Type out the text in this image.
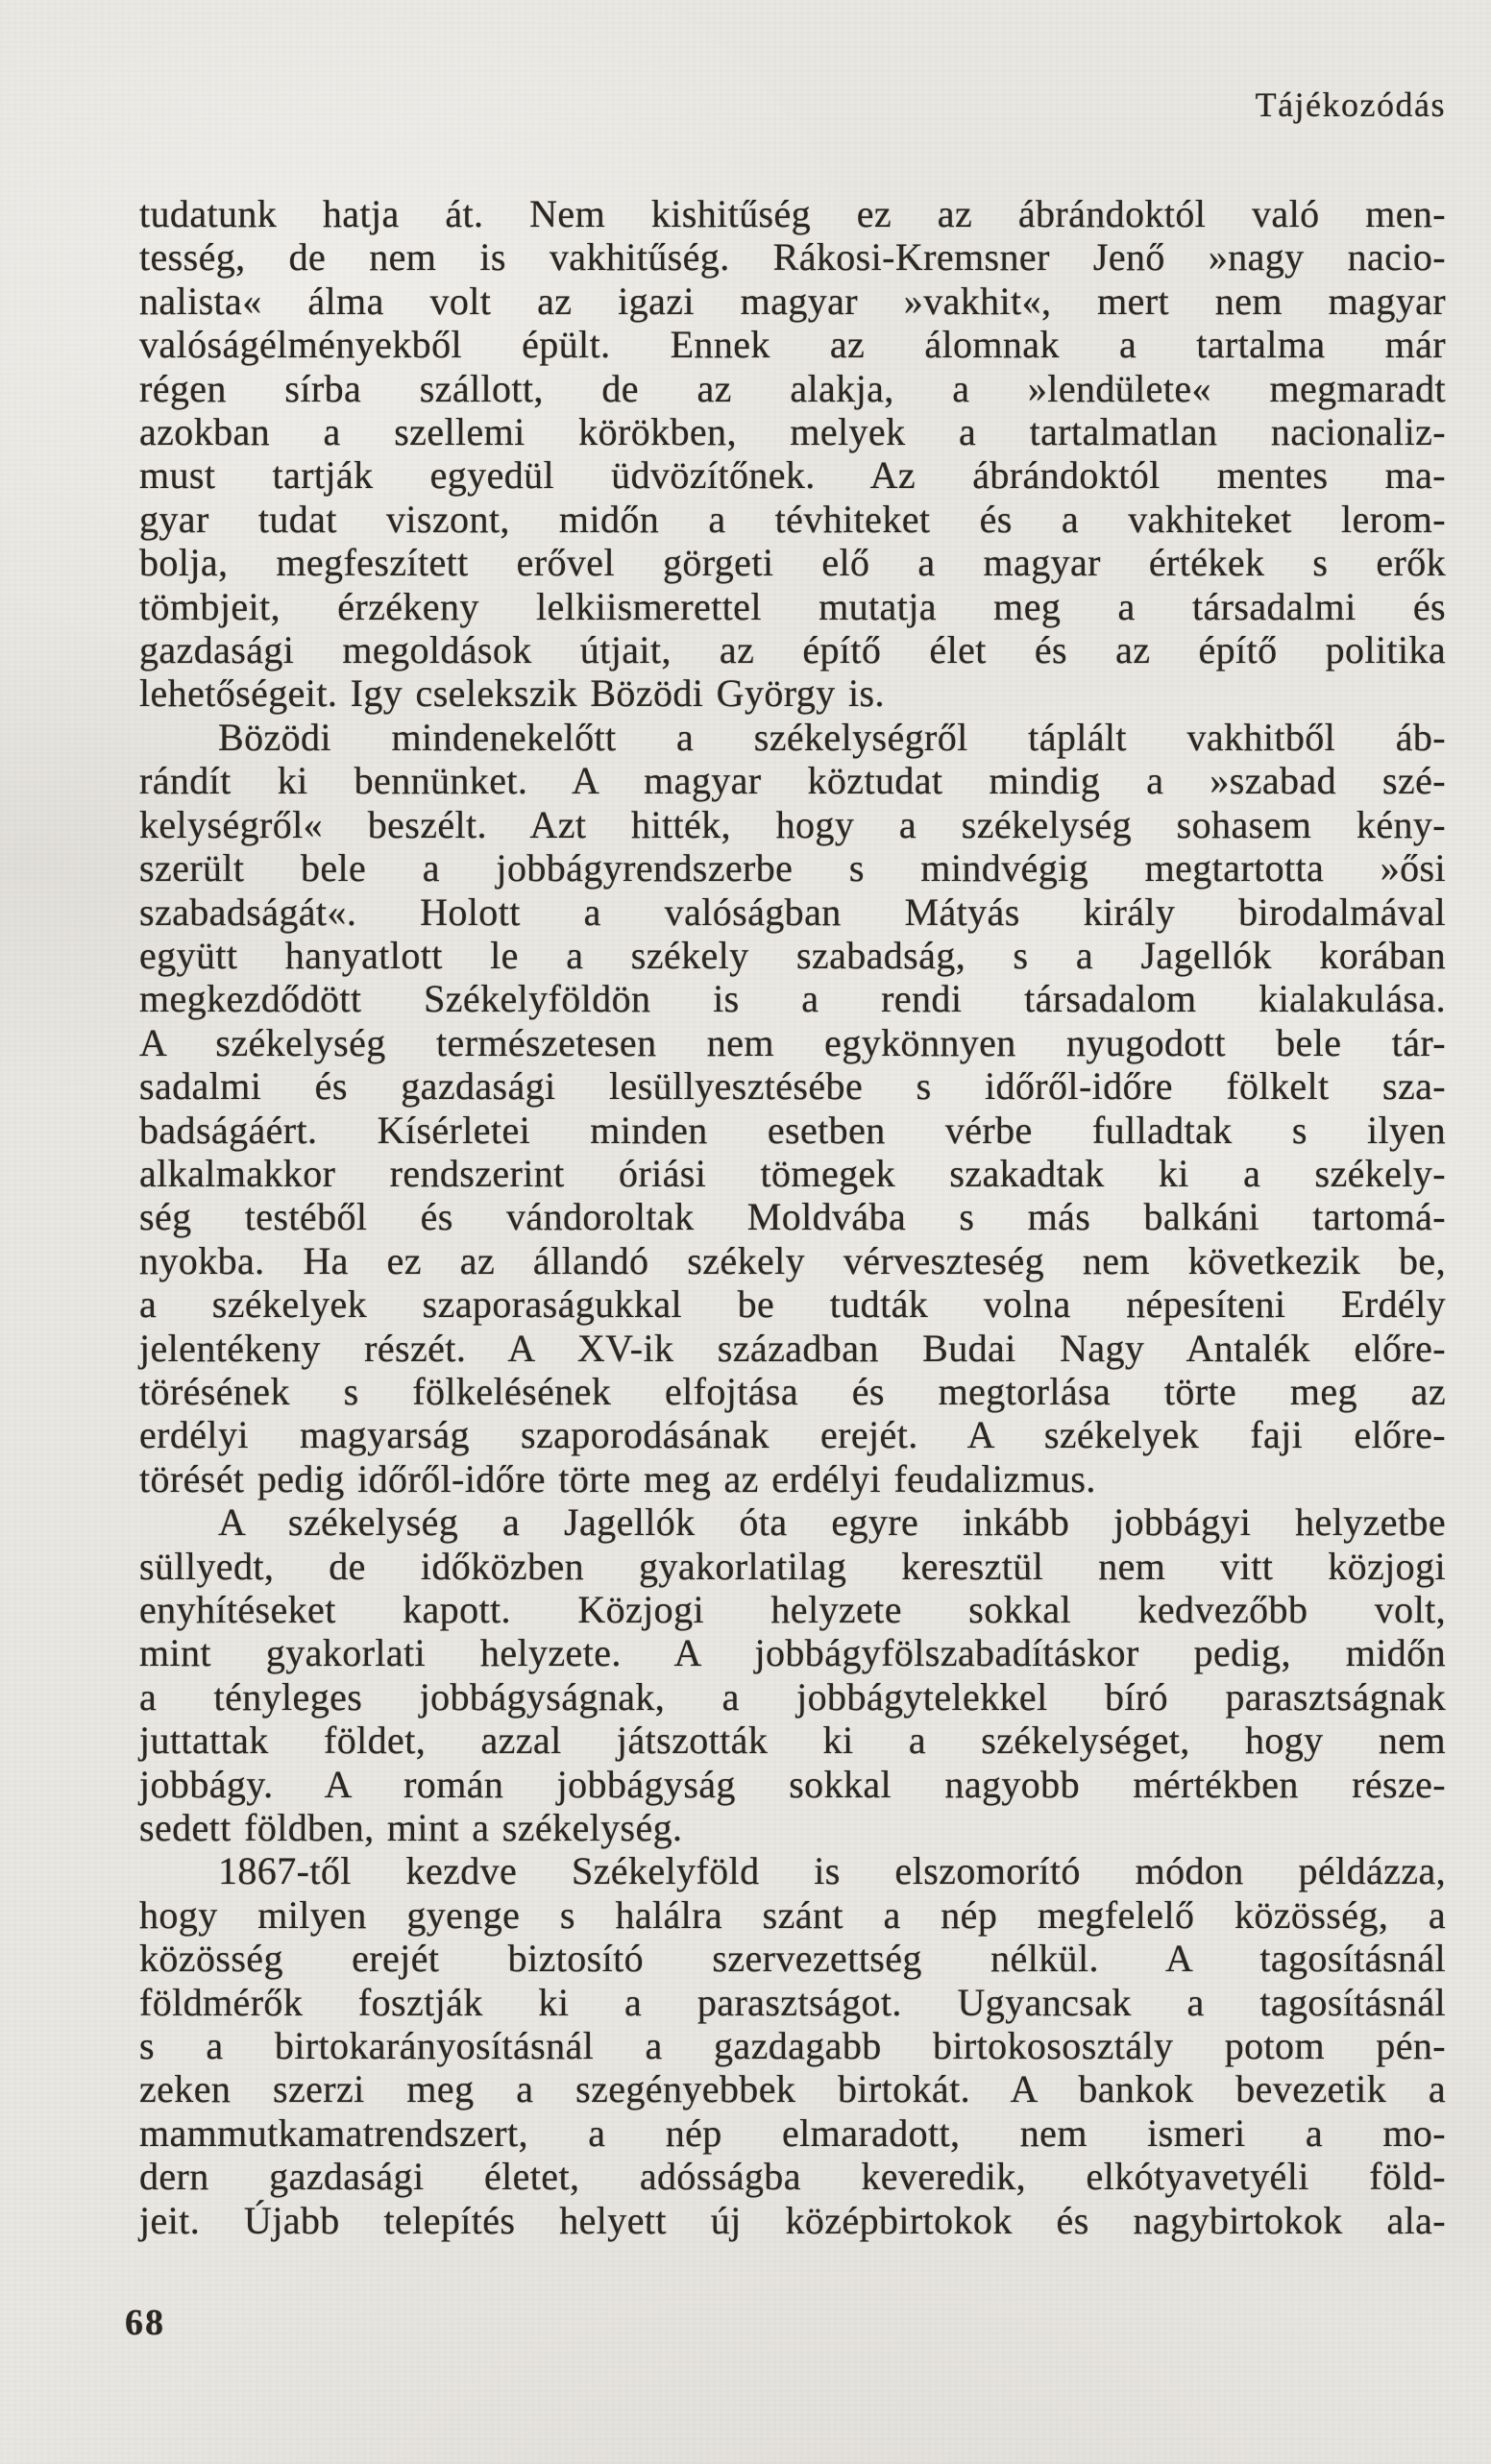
Tájékozódás
tudatunk hatja át. Nem kishitűség ez az ábrándoktól való men-
tesség, de nem is vakhitűség. Rákosi-Kremsner Jenő »nagy nacio-
nalista« álma volt az igazi magyar »vakhit«, mert nem magyar
valóságélményekből épült. Ennek az álomnak a tartalma már
régen sírba szállott, de az alakja, a »lendülete« megmaradt
azokban a szellemi körökben, melyek a tartalmatlan nacionaliz-
must tartják egyedül üdvözítőnek. Az ábrándoktól mentes ma-
gyar tudat viszont, midőn a tévhiteket és a vakhiteket lerom-
bolja, megfeszített erővel görgeti elő a magyar értékek s erők
tömbjeit, érzékeny lelkiismerettel mutatja meg a társadalmi és
gazdasági megoldások útjait, az építő élet és az építő politika
lehetőségeit. Igy cselekszik Bözödi György is.
Bözödi mindenekelőtt a székelységről táplált vakhitből áb-
rándít ki bennünket. A magyar köztudat mindig a »szabad szé-
kelységről« beszélt. Azt hitték, hogy a székelység sohasem kény-
szerült bele a jobbágyrendszerbe s mindvégig megtartotta »ősi
szabadságát«. Holott a valóságban Mátyás király birodalmával
együtt hanyatlott le a székely szabadság, s a Jagellók korában
megkezdődött Székelyföldön is a rendi társadalom kialakulása.
A székelység természetesen nem egykönnyen nyugodott bele tár-
sadalmi és gazdasági lesüllyesztésébe s időről-időre fölkelt sza-
badságáért. Kísérletei minden esetben vérbe fulladtak s ilyen
alkalmakkor rendszerint óriási tömegek szakadtak ki a székely-
ség testéből és vándoroltak Moldvába s más balkáni tartomá-
nyokba. Ha ez az állandó székely vérveszteség nem következik be,
a székelyek szaporaságukkal be tudták volna népesíteni Erdély
jelentékeny részét. A XV-ik században Budai Nagy Antalék előre-
törésének s fölkelésének elfojtása és megtorlása törte meg az
erdélyi magyarság szaporodásának erejét. A székelyek faji előre-
törését pedig időről-időre törte meg az erdélyi feudalizmus.
A székelység a Jagellók óta egyre inkább jobbágyi helyzetbe
süllyedt, de időközben gyakorlatilag keresztül nem vitt közjogi
enyhítéseket kapott. Közjogi helyzete sokkal kedvezőbb volt,
mint gyakorlati helyzete. A jobbágyfölszabadításkor pedig, midőn
a tényleges jobbágyságnak, a jobbágytelekkel bíró parasztságnak
juttattak földet, azzal játszották ki a székelységet, hogy nem
jobbágy. A román jobbágyság sokkal nagyobb mértékben része-
sedett földben, mint a székelység.
1867-től kezdve Székelyföld is elszomorító módon példázza,
hogy milyen gyenge s halálra szánt a nép megfelelő közösség, a
közösség erejét biztosító szervezettség nélkül. A tagosításnál
földmérők fosztják ki a parasztságot. Ugyancsak a tagosításnál
s a birtokarányosításnál a gazdagabb birtokososztály potom pén-
zeken szerzi meg a szegényebbek birtokát. A bankok bevezetik a
mammutkamatrendszert, a nép elmaradott, nem ismeri a mo-
dern gazdasági életet, adósságba keveredik, elkótyavetyéli föld-
jeit. Újabb telepítés helyett új középbirtokok és nagybirtokok ala-
68
